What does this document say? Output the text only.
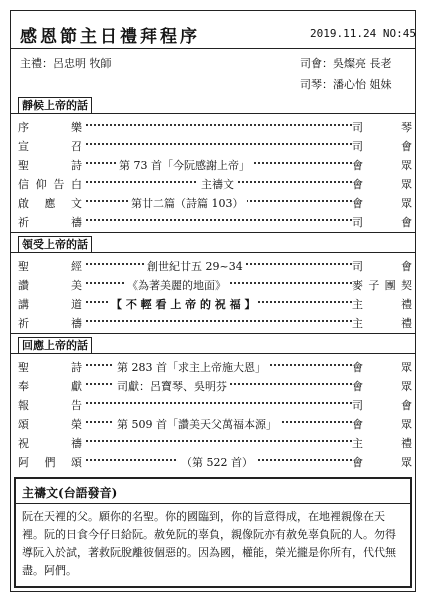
感恩節主日禮拜程序	2019.11.24 NO:45
主禮：呂忠明 牧師	司會：吳燦亮 長老
司琴：潘心怡 姐妹
靜候上帝的話
序	樂	司	琴
宣	召	司	會
聖	詩	第 73 首「今阮感謝上帝」	會	眾
信 仰 告 白	主禱文	會	眾
啟 應 文	第廿二篇（詩篇 103）	會	眾
祈	禱	司	會
領受上帝的話
聖	經	創世紀廿五 29~34	司	會
讚	美	《為著美麗的地面》	麥 子 團 契
講	道	【 不 輕 看 上 帝 的 祝 福 】	主	禮
祈	禱	主	禮
回應上帝的話
聖	詩	第 283 首「求主上帝施大恩」	會	眾
奉	獻	司獻：呂寶琴、吳明芬	會	眾
報	告	司	會
頌	榮	第 509 首「讚美天父萬福本源」	會	眾
祝	禱	主	禮
阿 們 頌	（第 522 首）	會	眾
主禱文(台語發音)
阮在天裡的父。願你的名聖。你的國臨到，你的旨意得成，在地裡親像在天裡。阮的日食今仔日給阮。赦免阮的辜負，親像阮亦有赦免辜負阮的人。勿得導阮入於試，著救阮脫離彼個惡的。因為國，權能，榮光攏是你所有，代代無盡。阿們。
